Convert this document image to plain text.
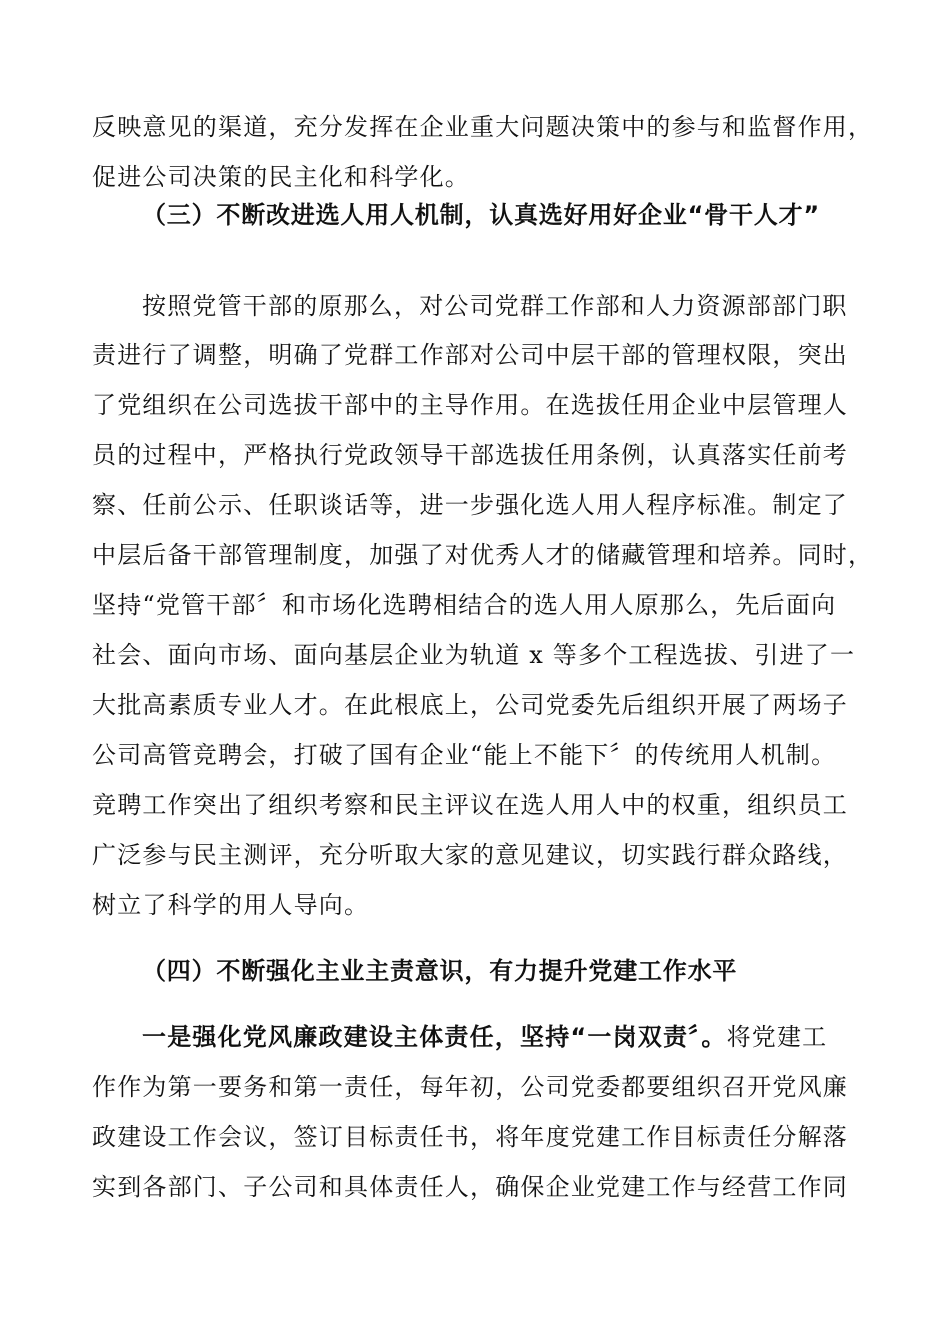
反映意见的渠道，充分发挥在企业重大问题决策中的参与和监督作用，
促进公司决策的民主化和科学化。
（三）不断改进选人用人机制，认真选好用好企业“骨干人才”
按照党管干部的原那么，对公司党群工作部和人力资源部部门职
责进行了调整，明确了党群工作部对公司中层干部的管理权限，突出
了党组织在公司选拔干部中的主导作用。在选拔任用企业中层管理人
员的过程中，严格执行党政领导干部选拔任用条例，认真落实任前考
察、任前公示、任职谈话等，进一步强化选人用人程序标准。制定了
中层后备干部管理制度，加强了对优秀人才的储藏管理和培养。同时，
坚持“党管干部〞和市场化选聘相结合的选人用人原那么，先后面向
社会、面向市场、面向基层企业为轨道 x 等多个工程选拔、引进了一
大批高素质专业人才。在此根底上，公司党委先后组织开展了两场子
公司高管竞聘会，打破了国有企业“能上不能下〞的传统用人机制。
竞聘工作突出了组织考察和民主评议在选人用人中的权重，组织员工
广泛参与民主测评，充分听取大家的意见建议，切实践行群众路线，
树立了科学的用人导向。
（四）不断强化主业主责意识，有力提升党建工作水平
一是强化党风廉政建设主体责任，坚持“一岗双责〞。将党建工
作作为第一要务和第一责任，每年初，公司党委都要组织召开党风廉
政建设工作会议，签订目标责任书，将年度党建工作目标责任分解落
实到各部门、子公司和具体责任人，确保企业党建工作与经营工作同
